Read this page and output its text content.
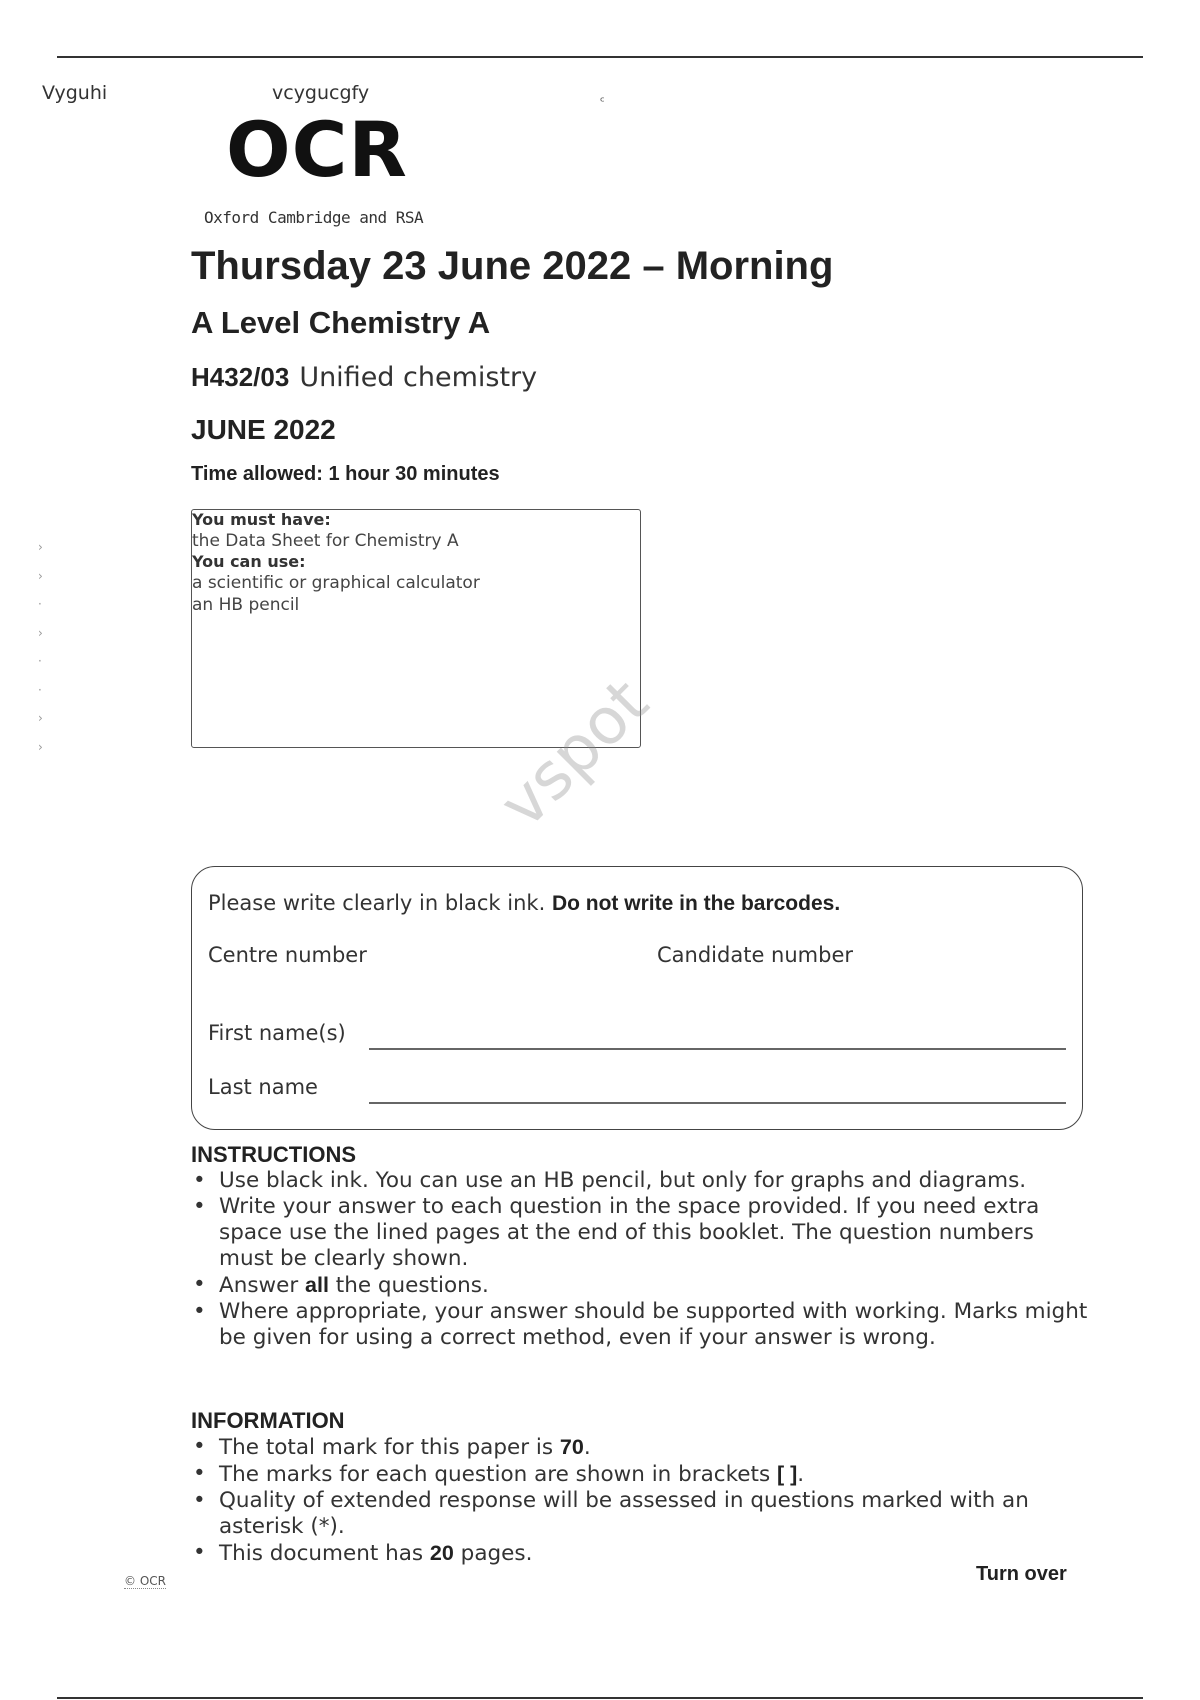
Vyguhi	vcygucgfy	ᶜ
OCR
Oxford Cambridge and RSA
Thursday 23 June 2022 – Morning
A Level Chemistry A
H432/03 Unified chemistry
JUNE 2022
Time allowed: 1 hour 30 minutes
You must have:
the Data Sheet for Chemistry A
You can use:
a scientific or graphical calculator
an HB pencil
›
›
·
›
·
·
›
›	vspot
Please write clearly in black ink. Do not write in the barcodes.
Centre number	Candidate number
First name(s)
Last name
INSTRUCTIONS
• Use black ink. You can use an HB pencil, but only for graphs and diagrams.
• Write your answer to each question in the space provided. If you need extra space use the lined pages at the end of this booklet. The question numbers must be clearly shown.
• Answer all the questions.
• Where appropriate, your answer should be supported with working. Marks might be given for using a correct method, even if your answer is wrong.
INFORMATION
• The total mark for this paper is 70.
• The marks for each question are shown in brackets [ ].
• Quality of extended response will be assessed in questions marked with an asterisk (*).
• This document has 20 pages.
© OCR	Turn over
